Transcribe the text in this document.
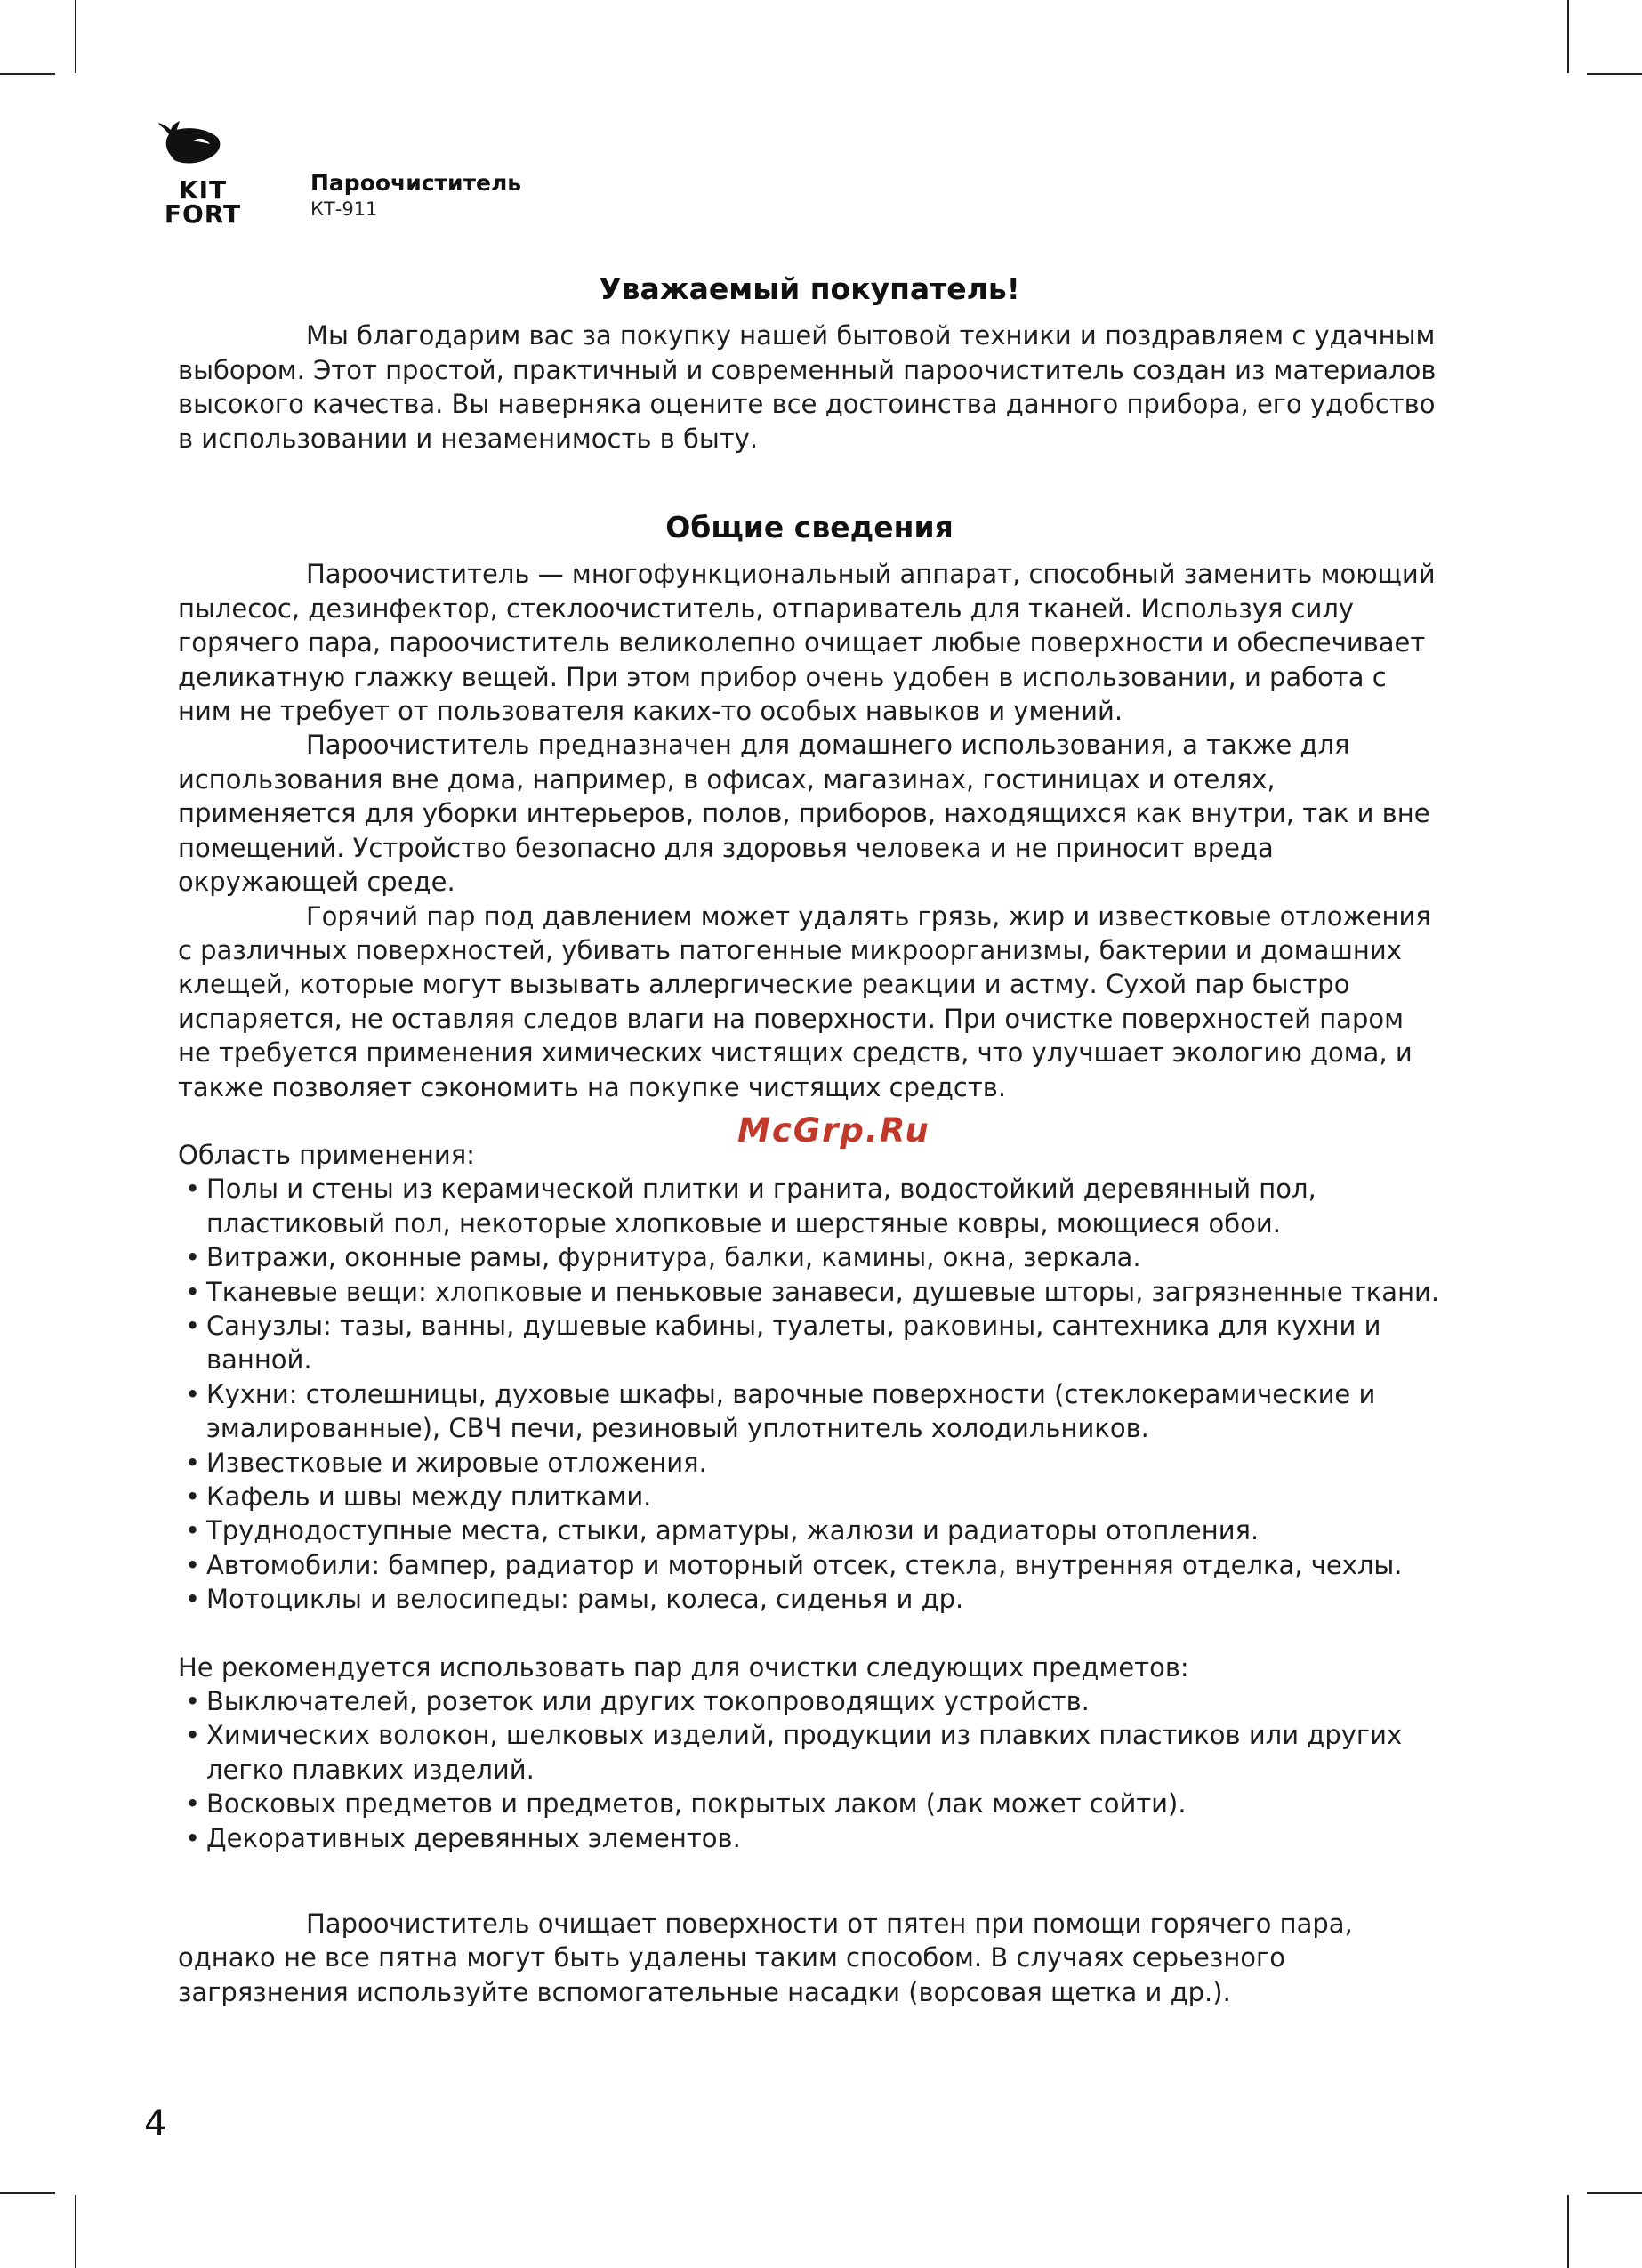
KIT
FORT
Пароочиститель
КТ-911
Уважаемый покупатель!

Мы благодарим вас за покупку нашей бытовой техники и поздравляем с удачным выбором. Этот простой, практичный и современный пароочиститель создан из материалов высокого качества. Вы наверняка оцените все достоинства данного прибора, его удобство в использовании и незаменимость в быту.

Общие сведения

Пароочиститель — многофункциональный аппарат, способный заменить моющий пылесос, дезинфектор, стеклоочиститель, отпариватель для тканей. Используя силу горячего пара, пароочиститель великолепно очищает любые поверхности и обеспечивает деликатную глажку вещей. При этом прибор очень удобен в использовании, и работа с ним не требует от пользователя каких-то особых навыков и умений.

Пароочиститель предназначен для домашнего использования, а также для использования вне дома, например, в офисах, магазинах, гостиницах и отелях, применяется для уборки интерьеров, полов, приборов, находящихся как внутри, так и вне помещений. Устройство безопасно для здоровья человека и не приносит вреда окружающей среде.

Горячий пар под давлением может удалять грязь, жир и известковые отложения с различных поверхностей, убивать патогенные микроорганизмы, бактерии и домашних клещей, которые могут вызывать аллергические реакции и астму. Сухой пар быстро испаряется, не оставляя следов влаги на поверхности. При очистке поверхностей паром не требуется применения химических чистящих средств, что улучшает экологию дома, и также позволяет сэкономить на покупке чистящих средств.

Область применения:

• Полы и стены из керамической плитки и гранита, водостойкий деревянный пол, пластиковый пол, некоторые хлопковые и шерстяные ковры, моющиеся обои.

• Витражи, оконные рамы, фурнитура, балки, камины, окна, зеркала.

• Тканевые вещи: хлопковые и пеньковые занавеси, душевые шторы, загрязненные ткани.

• Санузлы: тазы, ванны, душевые кабины, туалеты, раковины, сантехника для кухни и ванной.

• Кухни: столешницы, духовые шкафы, варочные поверхности (стеклокерамические и эмалированные), СВЧ печи, резиновый уплотнитель холодильников.

• Известковые и жировые отложения.

• Кафель и швы между плитками.

• Труднодоступные места, стыки, арматуры, жалюзи и радиаторы отопления.

• Автомобили: бампер, радиатор и моторный отсек, стекла, внутренняя отделка, чехлы.

• Мотоциклы и велосипеды: рамы, колеса, сиденья и др.

Не рекомендуется использовать пар для очистки следующих предметов:

• Выключателей, розеток или других токопроводящих устройств.

• Химических волокон, шелковых изделий, продукции из плавких пластиков или других легко плавких изделий.

• Восковых предметов и предметов, покрытых лаком (лак может сойти).

• Декоративных деревянных элементов.

Пароочиститель очищает поверхности от пятен при помощи горячего пара, однако не все пятна могут быть удалены таким способом. В случаях серьезного загрязнения используйте вспомогательные насадки (ворсовая щетка и др.).

McGrp.Ru
4
